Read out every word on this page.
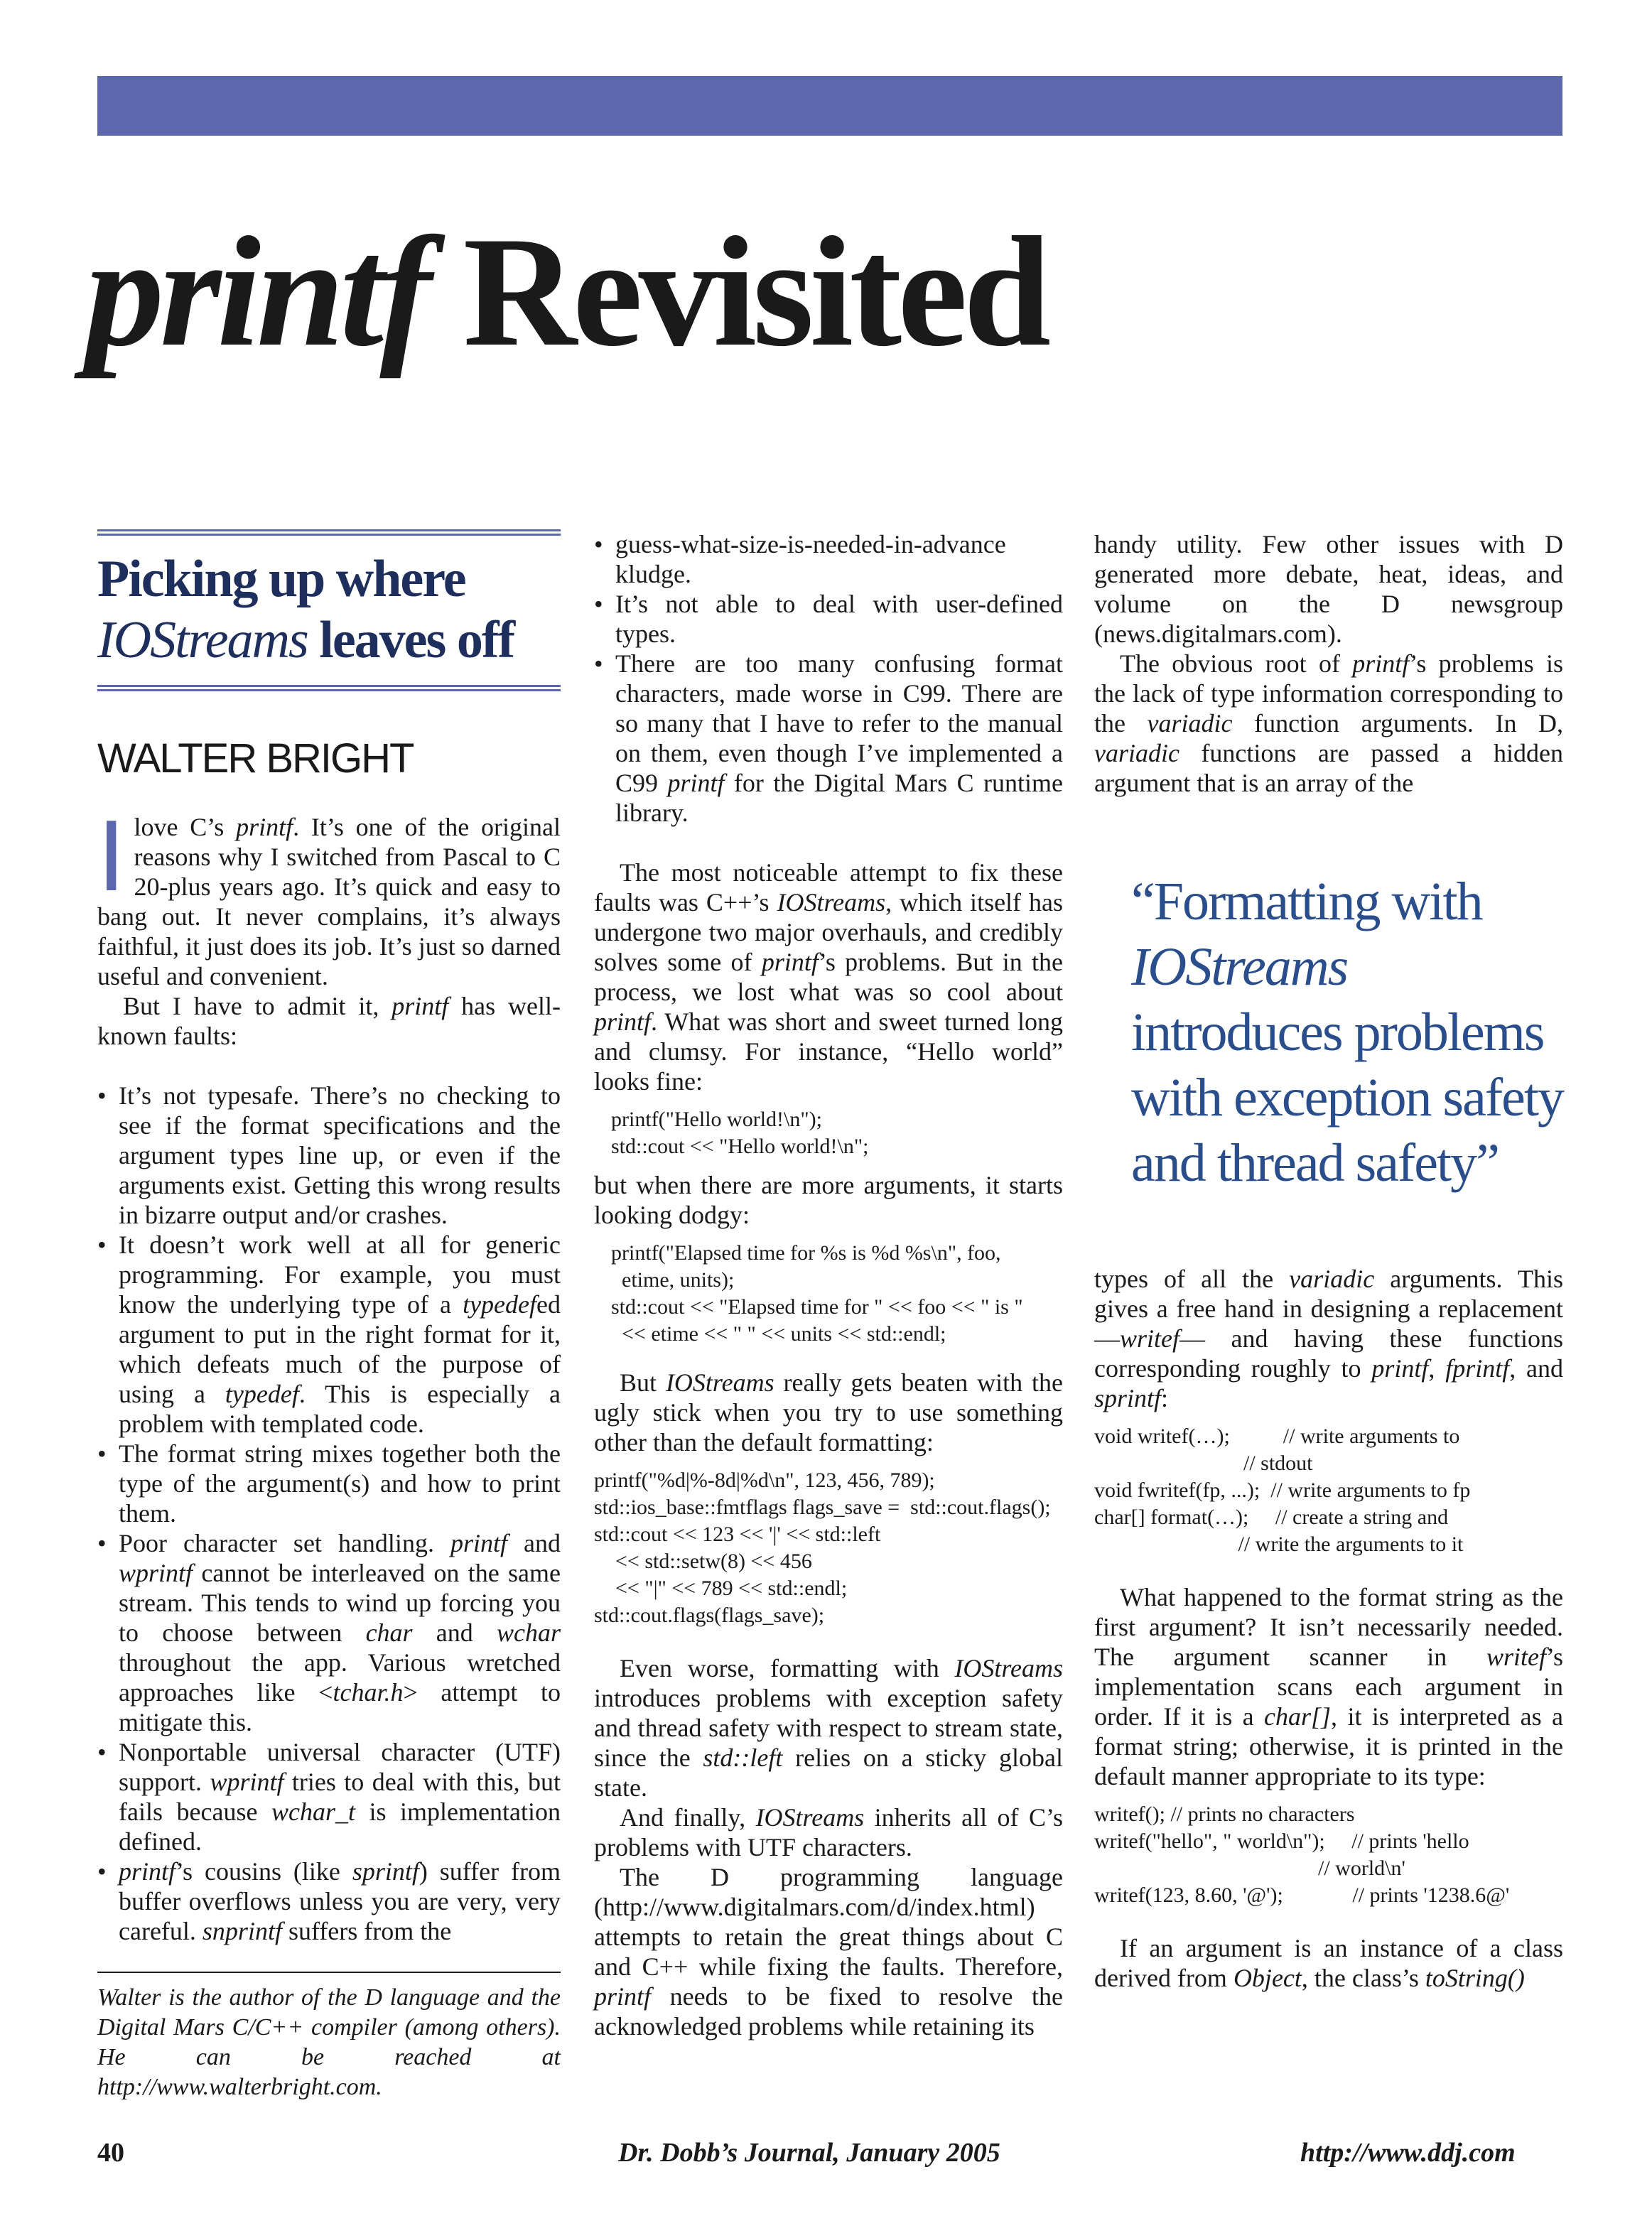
printf Revisited
Picking up where
IOStreams leaves off
WALTER BRIGHT

Ilove C’s printf. It’s one of the original reasons why I switched from Pascal to C 20-plus years ago. It’s quick and easy to bang out. It never complains, it’s always faithful, it just does its job. It’s just so darned useful and convenient.

But I have to admit it, printf has well-known faults:

• It’s not typesafe. There’s no checking to see if the format specifications and the argument types line up, or even if the arguments exist. Getting this wrong results in bizarre output and/or crashes.
• It doesn’t work well at all for generic programming. For example, you must know the underlying type of a typedefed argument to put in the right format for it, which defeats much of the purpose of using a typedef. This is especially a problem with templated code.
• The format string mixes together both the type of the argument(s) and how to print them.
• Poor character set handling. printf and wprintf cannot be interleaved on the same stream. This tends to wind up forcing you to choose between char and wchar throughout the app. Various wretched approaches like <tchar.h> attempt to mitigate this.
• Nonportable universal character (UTF) support. wprintf tries to deal with this, but fails because wchar_t is implementation defined.
• printf’s cousins (like sprintf) suffer from buffer overflows unless you are very, very careful. snprintf suffers from the
Walter is the author of the D language and the Digital Mars C/C++ compiler (among others). He can be reached at http://www.walterbright.com.
• guess-what-size-is-needed-in-advance kludge.
• It’s not able to deal with user-defined types.
• There are too many confusing format characters, made worse in C99. There are so many that I have to refer to the manual on them, even though I’ve implemented a C99 printf for the Digital Mars C runtime library.

The most noticeable attempt to fix these faults was C++’s IOStreams, which itself has undergone two major overhauls, and credibly solves some of printf’s problems. But in the process, we lost what was so cool about printf. What was short and sweet turned long and clumsy. For instance, “Hello world” looks fine:

printf("Hello world!\n");
std::cout << "Hello world!\n";

but when there are more arguments, it starts looking dodgy:

printf("Elapsed time for %s is %d %s\n", foo,
etime, units);
std::cout << "Elapsed time for " << foo << " is "
<< etime << " " << units << std::endl;

But IOStreams really gets beaten with the ugly stick when you try to use something other than the default formatting:

printf("%d|%-8d|%d\n", 123, 456, 789);
std::ios_base::fmtflags flags_save =  std::cout.flags();
std::cout << 123 << '|' << std::left
<< std::setw(8) << 456
<< "|" << 789 << std::endl;
std::cout.flags(flags_save);

Even worse, formatting with IOStreams introduces problems with exception safety and thread safety with respect to stream state, since the std::left relies on a sticky global state.

And finally, IOStreams inherits all of C’s problems with UTF characters.

The D programming language (http://www.digitalmars.com/d/index.html) attempts to retain the great things about C and C++ while fixing the faults. Therefore, printf needs to be fixed to resolve the acknowledged problems while retaining its

handy utility. Few other issues with D generated more debate, heat, ideas, and volume on the D newsgroup (news.digitalmars.com).

The obvious root of printf’s problems is the lack of type information corresponding to the variadic function arguments. In D, variadic functions are passed a hidden argument that is an array of the

“Formatting with IOStreams introduces problems with exception safety and thread safety”

types of all the variadic arguments. This gives a free hand in designing a replacement—writef— and having these functions corresponding roughly to printf, fprintf, and sprintf:

void writef(…);          // write arguments to
// stdout
void fwritef(fp, ...);  // write arguments to fp
char[] format(…);     // create a string and
// write the arguments to it

What happened to the format string as the first argument? It isn’t necessarily needed. The argument scanner in writef’s implementation scans each argument in order. If it is a char[], it is interpreted as a format string; otherwise, it is printed in the default manner appropriate to its type:

writef(); // prints no characters
writef("hello", " world\n");     // prints 'hello
// world\n'
writef(123, 8.60, '@');             // prints '1238.6@'

If an argument is an instance of a class derived from Object, the class’s toString()

40	Dr. Dobb’s Journal, January 2005	http://www.ddj.com
